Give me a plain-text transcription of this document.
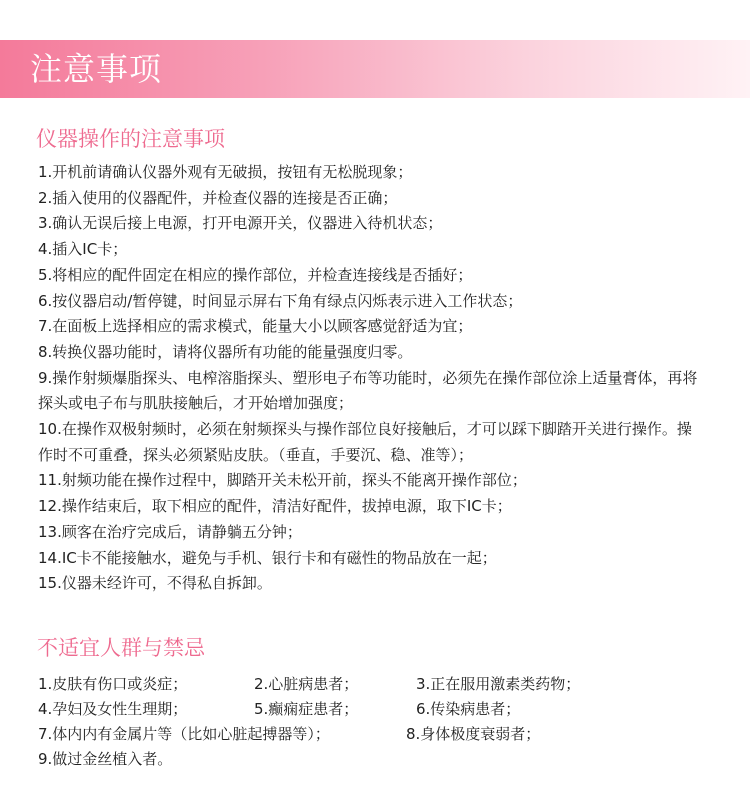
注意事项
仪器操作的注意事项

1.开机前请确认仪器外观有无破损，按钮有无松脱现象；

2.插入使用的仪器配件，并检查仪器的连接是否正确；

3.确认无误后接上电源，打开电源开关，仪器进入待机状态；

4.插入IC卡；

5.将相应的配件固定在相应的操作部位，并检查连接线是否插好；

6.按仪器启动/暂停键，时间显示屏右下角有绿点闪烁表示进入工作状态；

7.在面板上选择相应的需求模式，能量大小以顾客感觉舒适为宜；

8.转换仪器功能时，请将仪器所有功能的能量强度归零。

9.操作射频爆脂探头、电榨溶脂探头、塑形电子布等功能时，必须先在操作部位涂上适量膏体，再将探头或电子布与肌肤接触后，才开始增加强度；

10.在操作双极射频时，必须在射频探头与操作部位良好接触后，才可以踩下脚踏开关进行操作。操作时不可重叠，探头必须紧贴皮肤。（垂直，手要沉、稳、准等）；

11.射频功能在操作过程中，脚踏开关未松开前，探头不能离开操作部位；

12.操作结束后，取下相应的配件，清洁好配件，拔掉电源，取下IC卡；

13.顾客在治疗完成后，请静躺五分钟；

14.IC卡不能接触水，避免与手机、银行卡和有磁性的物品放在一起；

15.仪器未经许可，不得私自拆卸。

不适宜人群与禁忌
1.皮肤有伤口或炎症；	2.心脏病患者；	3.正在服用激素类药物；
4.孕妇及女性生理期；	5.癫痫症患者；	6.传染病患者；
7.体内内有金属片等（比如心脏起搏器等）；	8.身体极度衰弱者；
9.做过金丝植入者。
